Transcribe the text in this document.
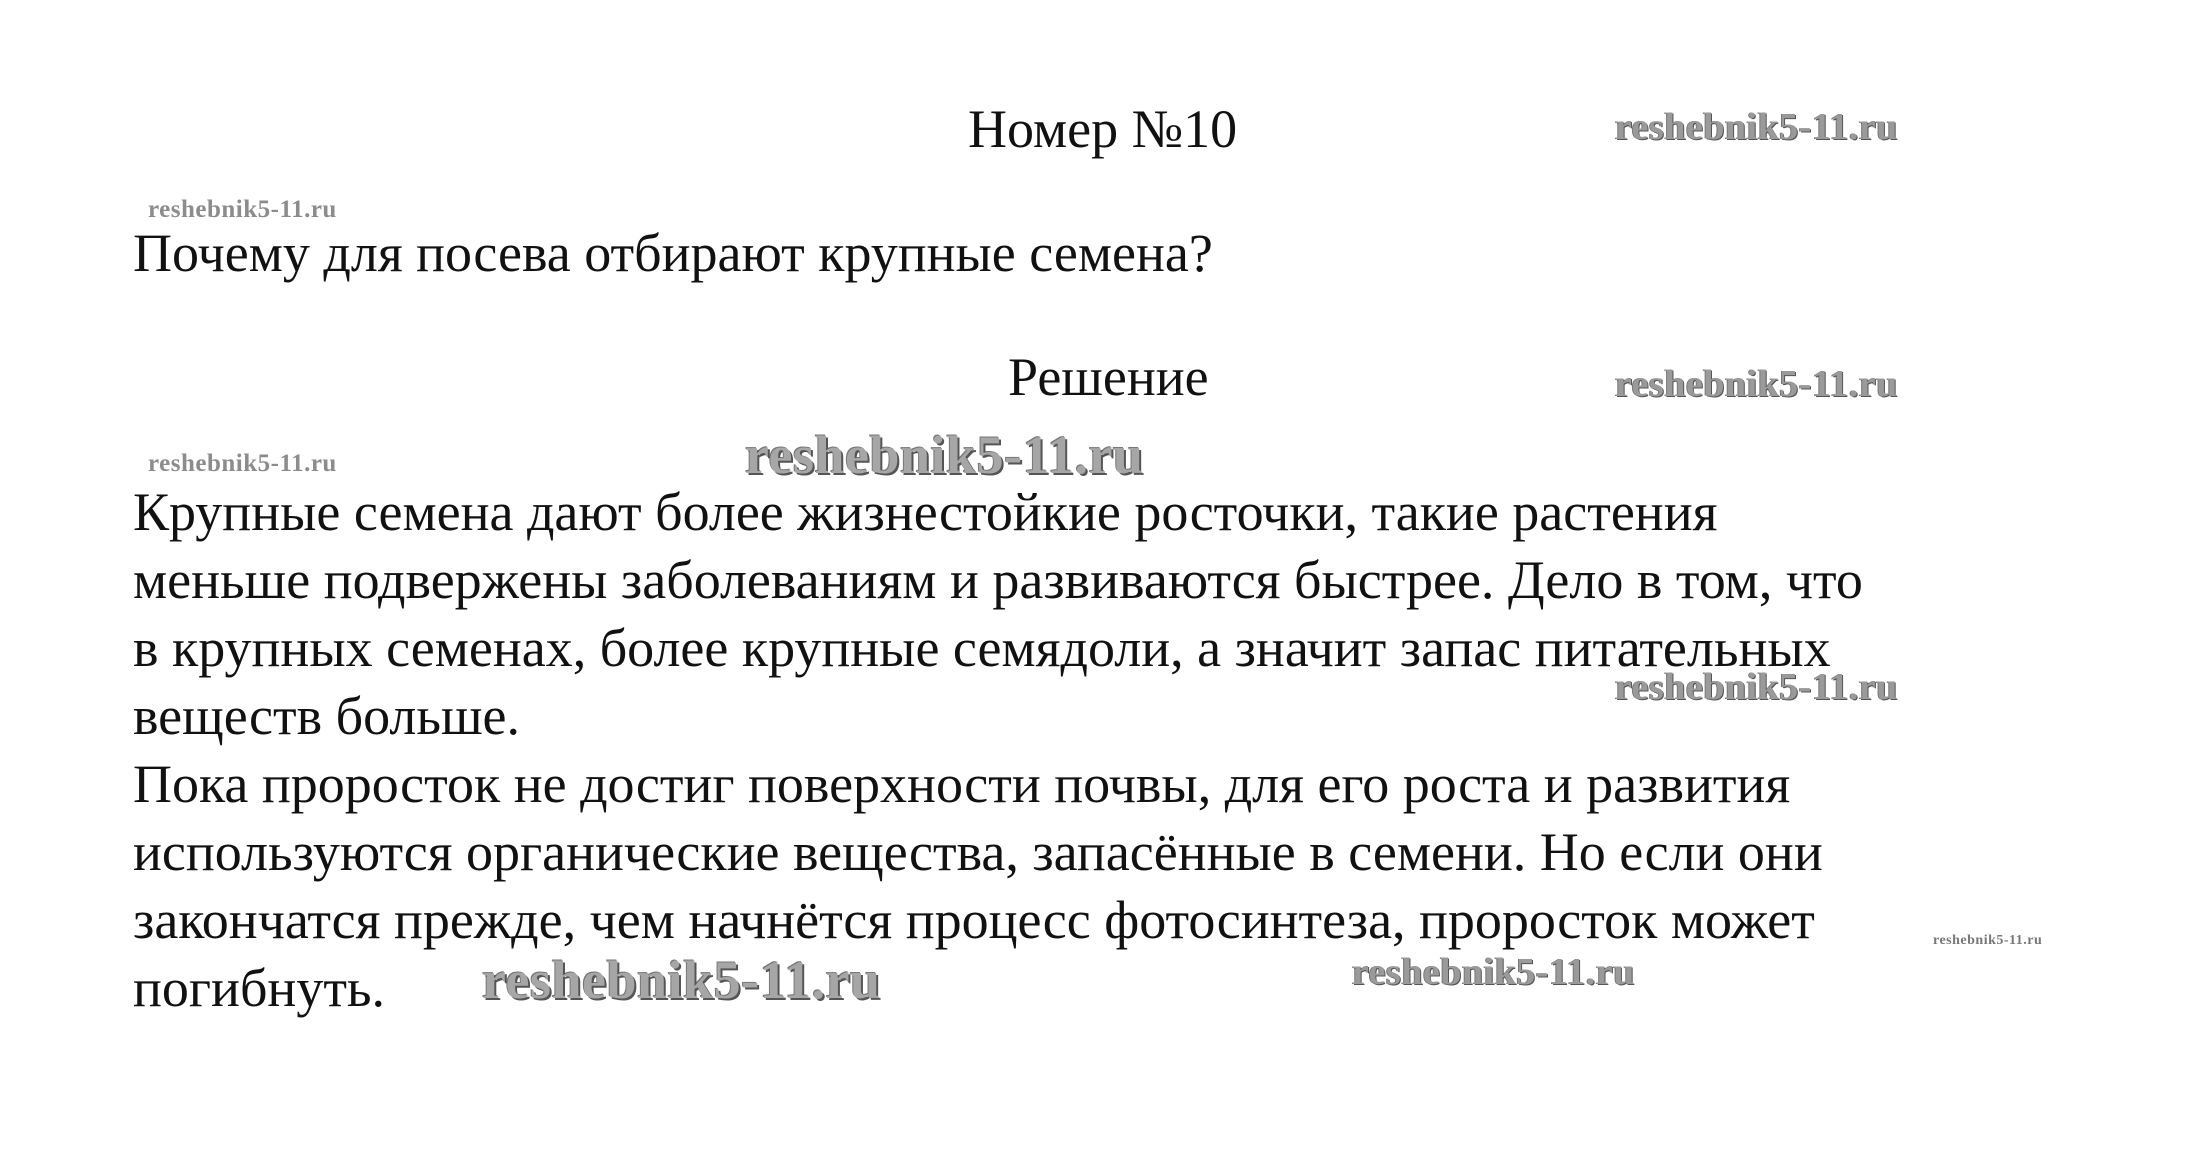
Номер №10
Почему для посева отбирают крупные семена?
Решение
Крупные семена дают более жизнестойкие росточки, такие растения
меньше подвержены заболеваниям и развиваются быстрее. Дело в том, что
в крупных семенах, более крупные семядоли, а значит запас питательных
веществ больше.
Пока проросток не достиг поверхности почвы, для его роста и развития
используются органические вещества, запасённые в семени. Но если они
закончатся прежде, чем начнётся процесс фотосинтеза, проросток может
погибнуть.
reshebnik5-11.ru
reshebnik5-11.ru
reshebnik5-11.ru
reshebnik5-11.ru	reshebnik5-11.ru
reshebnik5-11.ru
reshebnik5-11.ru
reshebnik5-11.ru	reshebnik5-11.ru
